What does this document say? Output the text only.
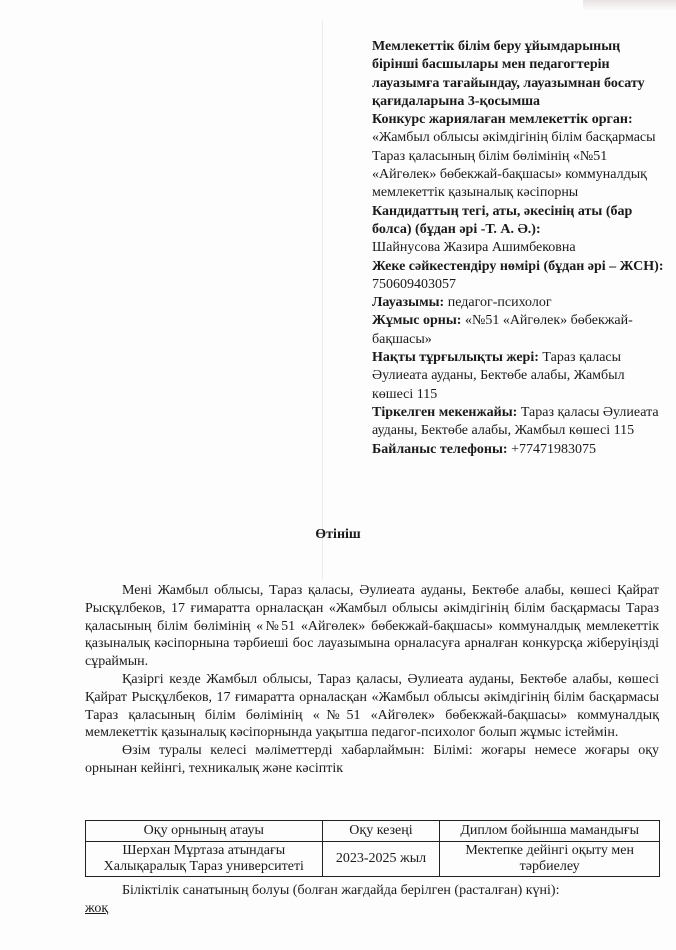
Мемлекеттік білім беру ұйымдарының бірінші басшылары мен педагогтерін лауазымға тағайындау, лауазымнан босату қағидаларына 3-қосымша

Конкурс жариялаған мемлекеттік орган: «Жамбыл облысы әкімдігінің білім басқармасы Тараз қаласының білім бөлімінің «№51 «Айгөлек» бөбекжай-бақшасы» коммуналдық мемлекеттік қазыналық кәсіпорны

Кандидаттың тегі, аты, әкесінің аты (бар болса) (бұдан әрі -Т. А. Ә.):

Шайнусова Жазира Ашимбековна

Жеке сәйкестендіру нөмірі (бұдан әрі – ЖСН): 750609403057

Лауазымы: педагог-психолог

Жұмыс орны: «№51 «Айгөлек» бөбекжай-бақшасы»

Нақты тұрғылықты жері: Тараз қаласы Әулиеата ауданы, Бектөбе алабы, Жамбыл көшесі 115

Тіркелген мекенжайы: Тараз қаласы Әулиеата ауданы, Бектөбе алабы, Жамбыл көшесі 115

Байланыс телефоны: +77471983075

Өтініш

Мені Жамбыл облысы, Тараз қаласы, Әулиеата ауданы, Бектөбе алабы, көшесі Қайрат Рысқұлбеков, 17 ғимаратта орналасқан «Жамбыл облысы әкімдігінің білім басқармасы Тараз қаласының білім бөлімінің «№51 «Айгөлек» бөбекжай-бақшасы» коммуналдық мемлекеттік қазыналық кәсіпорнына тәрбиеші бос лауазымына орналасуға арналған конкурсқа жіберуіңізді сұраймын.

Қазіргі кезде Жамбыл облысы, Тараз қаласы, Әулиеата ауданы, Бектөбе алабы, көшесі Қайрат Рысқұлбеков, 17 ғимаратта орналасқан «Жамбыл облысы әкімдігінің білім басқармасы Тараз қаласының білім бөлімінің «№51 «Айгөлек» бөбекжай-бақшасы» коммуналдық мемлекеттік қазыналық кәсіпорнында уақытша педагог-психолог болып жұмыс істеймін.

Өзім туралы келесі мәліметтерді хабарлаймын: Білімі: жоғары немесе жоғары оқу орнынан кейінгі, техникалық және кәсіптік

Оқу орнының атауы	Оқу кезеңі	Диплом бойынша мамандығы
Шерхан Мұртаза атындағы Халықаралық Тараз университеті	2023-2025 жыл	Мектепке дейінгі оқыту мен тәрбиелеу

Біліктілік санатының болуы (болған жағдайда берілген (расталған) күні):

жоқ
